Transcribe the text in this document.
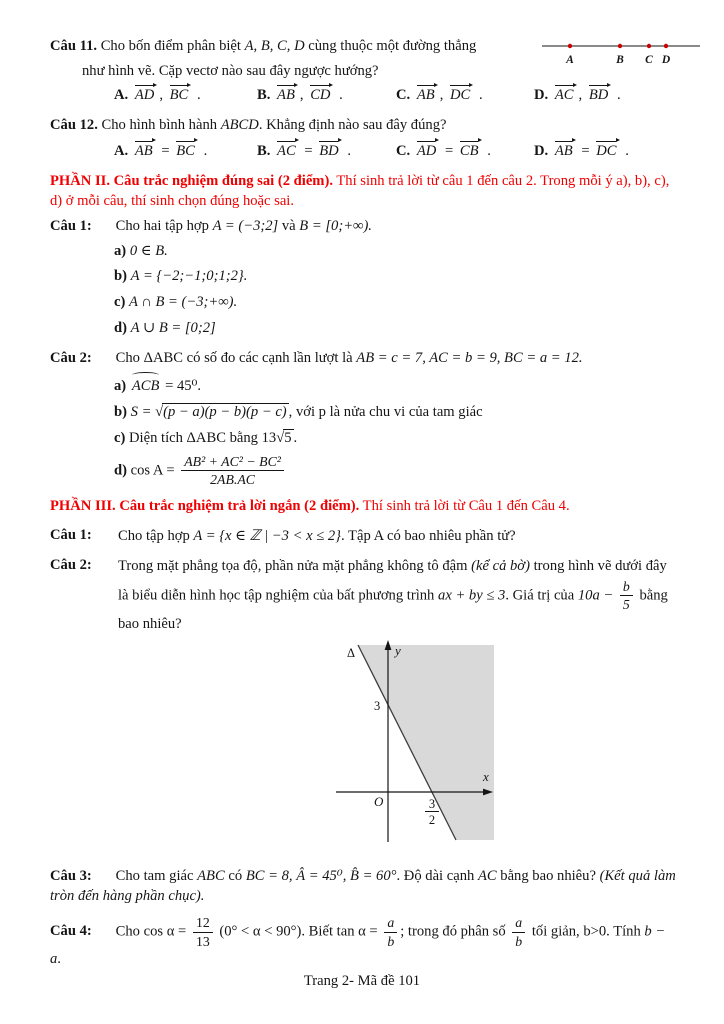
Câu 11. Cho bốn điểm phân biệt A, B, C, D cùng thuộc một đường thẳng
như hình vẽ. Cặp vectơ nào sau đây ngược hướng?
A	B C D
A. AD , BC .	B. AB , CD .	C. AB , DC .	D. AC , BD .
Câu 12. Cho hình bình hành ABCD. Khẳng định nào sau đây đúng?
A. AB = BC .	B. AC = BD .	C. AD = CB .	D. AB = DC .
PHẦN II. Câu trắc nghiệm đúng sai (2 điểm). Thí sinh trả lời từ câu 1 đến câu 2. Trong mỗi ý a), b), c), d) ở mỗi câu, thí sinh chọn đúng hoặc sai.
Câu 1: Cho hai tập hợp A = (−3;2] và B = [0;+∞).
a) 0 ∈ B.
b) A = {−2;−1;0;1;2}.
c) A ∩ B = (−3;+∞).
d) A ∪ B = [0;2]
Câu 2: Cho ΔABC có số đo các cạnh lần lượt là AB = c = 7, AC = b = 9, BC = a = 12.
a) ACB = 45⁰.
b) S = √(p − a)(p − b)(p − c) , với p là nửa chu vi của tam giác
c) Diện tích ΔABC bằng 13√5 .
d) $\cos A = \frac{\text{AB² + AC² − BC²}}{2AB.AC}$
PHẦN III. Câu trắc nghiệm trả lời ngắn (2 điểm). Thí sinh trả lời từ Câu 1 đến Câu 4.
Câu 1:	Cho tập hợp A = {x ∈ ℤ | −3 < x ≤ 2}. Tập A có bao nhiêu phần tử?
Câu 2:	Trong mặt phẳng tọa độ, phần nửa mặt phẳng không tô đậm (kể cả bờ) trong hình vẽ dưới đây là biểu diễn hình học tập nghiệm của bất phương trình ax + by ≤ 3. Giá trị của $10a - \frac{b}{5}$ bằng bao nhiêu?
y
x
O
3
3
2
Δ
Câu 3: Cho tam giác ABC có BC = 8, Â = 45⁰, B̂ = 60°. Độ dài cạnh AC bằng bao nhiêu? (Kết quả làm tròn đến hàng phần chục).
Câu 4: Cho $\cos \alpha = \frac{12}{13} (0^\circ < \alpha < 90^\circ)$. Biết $\tan \alpha = \frac{a}{b}$ ; trong đó phân số $\frac{a}{b}$ tối giản, b>0. Tính b − a.
Trang 2- Mã đề 101
